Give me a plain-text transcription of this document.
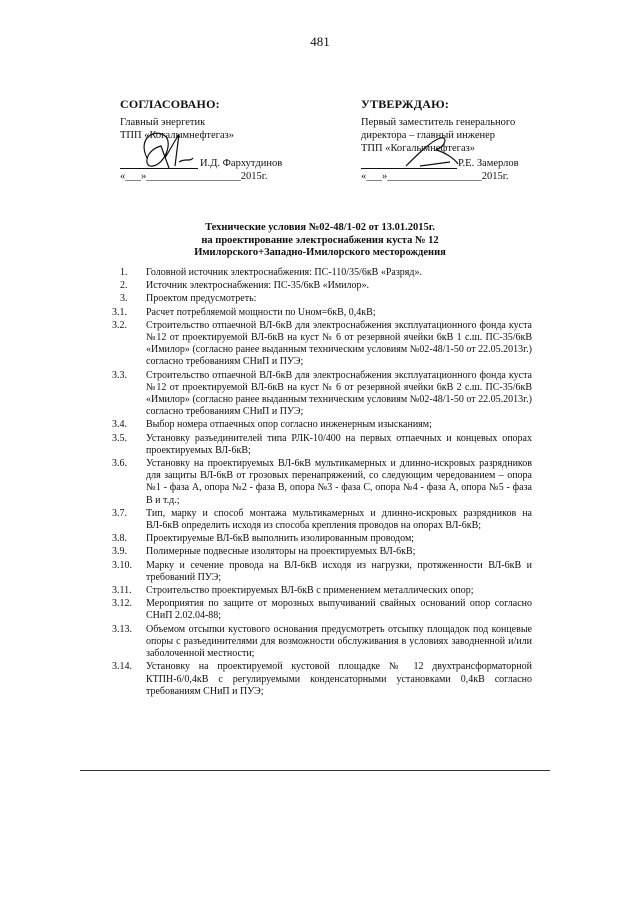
481
СОГЛАСОВАНО:
Главный энергетик
ТПП «Когалымнефтегаз»
И.Д. Фархутдинов
«___»__________________2015г.
УТВЕРЖДАЮ:
Первый заместитель генерального
директора – главный инженер
ТПП «Когалымнефтегаз»
Р.Е. Замерлов
«___»__________________2015г.
Технические условия №02-48/1-02 от 13.01.2015г.
на проектирование электроснабжения куста № 12
Имилорского+Западно-Имилорского месторождения
1.	Головной источник электроснабжения: ПС-110/35/6кВ «Разряд».
2.	Источник электроснабжения: ПС-35/6кВ «Имилор».
3.	Проектом предусмотреть:
3.1.	Расчет потребляемой мощности по Uном=6кВ, 0,4кВ;
3.2.	Строительство отпаечной ВЛ-6кВ для электроснабжения эксплуатационного фонда куста №12 от проектируемой ВЛ-6кВ на куст № 6 от резервной ячейки 6кВ 1 с.ш. ПС-35/6кВ «Имилор» (согласно ранее выданным техническим условиям №02-48/1-50 от 22.05.2013г.) согласно требованиям СНиП и ПУЭ;
3.3.	Строительство отпаечной ВЛ-6кВ для электроснабжения эксплуатационного фонда куста №12 от проектируемой ВЛ-6кВ на куст № 6 от резервной ячейки 6кВ 2 с.ш. ПС-35/6кВ «Имилор» (согласно ранее выданным техническим условиям №02-48/1-50 от 22.05.2013г.) согласно требованиям СНиП и ПУЭ;
3.4.	Выбор номера отпаечных опор согласно инженерным изысканиям;
3.5.	Установку разъединителей типа РЛК-10/400 на первых отпаечных и концевых опорах проектируемых ВЛ-6кВ;
3.6.	Установку на проектируемых ВЛ-6кВ мультикамерных и длинно-искровых разрядников для защиты ВЛ-6кВ от грозовых перенапряжений, со следующим чередованием – опора №1 - фаза А, опора №2 - фаза В, опора №3 - фаза С, опора №4 - фаза А, опора №5 - фаза В и т.д.;
3.7.	Тип, марку и способ монтажа мультикамерных и длинно-искровых разрядников на ВЛ-6кВ определить исходя из способа крепления проводов на опорах ВЛ-6кВ;
3.8.	Проектируемые ВЛ-6кВ выполнить изолированным проводом;
3.9.	Полимерные подвесные изоляторы на проектируемых ВЛ-6кВ;
3.10.	Марку и сечение провода на ВЛ-6кВ исходя из нагрузки, протяженности ВЛ-6кВ и требований ПУЭ;
3.11.	Строительство проектируемых ВЛ-6кВ с применением металлических опор;
3.12.	Мероприятия по защите от морозных выпучиваний свайных оснований опор согласно СНиП 2.02.04-88;
3.13.	Объемом отсыпки кустового основания предусмотреть отсыпку площадок под концевые опоры с разъединителями для возможности обслуживания в условиях заводненной и/или заболоченной местности;
3.14.	Установку на проектируемой кустовой площадке № 12 двухтрансформаторной КТПН-6/0,4кВ с регулируемыми конденсаторными установками 0,4кВ согласно требованиям СНиП и ПУЭ;
